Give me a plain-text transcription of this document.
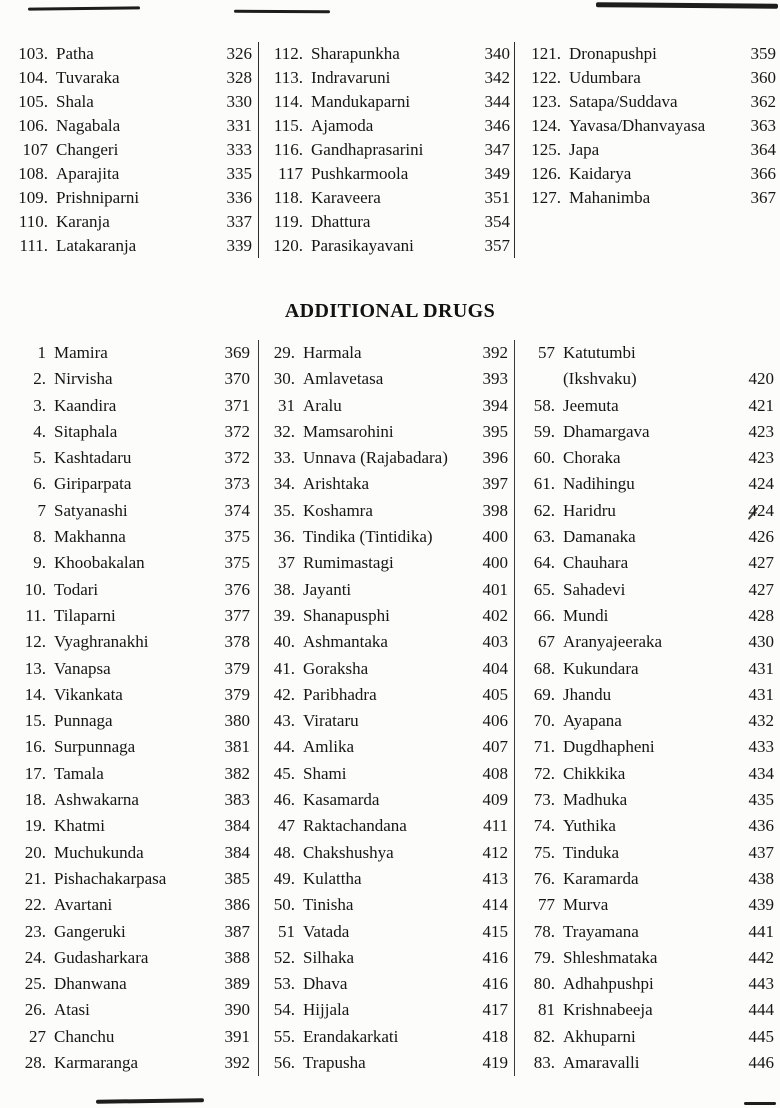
103. Patha	326
104. Tuvaraka	328
105. Shala	330
106. Nagabala	331
107 Changeri	333
108. Aparajita	335
109. Prishniparni	336
110. Karanja	337
111. Latakaranja	339
112. Sharapunkha	340
113. Indravaruni	342
114. Mandukaparni	344
115. Ajamoda	346
116. Gandhaprasarini	347
117 Pushkarmoola	349
118. Karaveera	351
119. Dhattura	354
120. Parasikayavani	357
121. Dronapushpi	359
122. Udumbara	360
123. Satapa/Suddava	362
124. Yavasa/Dhanvayasa	363
125. Japa	364
126. Kaidarya	366
127. Mahanimba	367
ADDITIONAL DRUGS
1 Mamira	369
2. Nirvisha	370
3. Kaandira	371
4. Sitaphala	372
5. Kashtadaru	372
6. Giriparpata	373
7 Satyanashi	374
8. Makhanna	375
9. Khoobakalan	375
10. Todari	376
11. Tilaparni	377
12. Vyaghranakhi	378
13. Vanapsa	379
14. Vikankata	379
15. Punnaga	380
16. Surpunnaga	381
17. Tamala	382
18. Ashwakarna	383
19. Khatmi	384
20. Muchukunda	384
21. Pishachakarpasa	385
22. Avartani	386
23. Gangeruki	387
24. Gudasharkara	388
25. Dhanwana	389
26. Atasi	390
27 Chanchu	391
28. Karmaranga	392
29. Harmala	392
30. Amlavetasa	393
31 Aralu	394
32. Mamsarohini	395
33. Unnava (Rajabadara)	396
34. Arishtaka	397
35. Koshamra	398
36. Tindika (Tintidika)	400
37 Rumimastagi	400
38. Jayanti	401
39. Shanapusphi	402
40. Ashmantaka	403
41. Goraksha	404
42. Paribhadra	405
43. Virataru	406
44. Amlika	407
45. Shami	408
46. Kasamarda	409
47 Raktachandana	411
48. Chakshushya	412
49. Kulattha	413
50. Tinisha	414
51 Vatada	415
52. Silhaka	416
53. Dhava	416
54. Hijjala	417
55. Erandakarkati	418
56. Trapusha	419
57 Katutumbi
(Ikshvaku)	420
58. Jeemuta	421
59. Dhamargava	423
60. Choraka	423
61. Nadihingu	424
62. Haridru	424
63. Damanaka	426
64. Chauhara	427
65. Sahadevi	427
66. Mundi	428
67 Aranyajeeraka	430
68. Kukundara	431
69. Jhandu	431
70. Ayapana	432
71. Dugdhapheni	433
72. Chikkika	434
73. Madhuka	435
74. Yuthika	436
75. Tinduka	437
76. Karamarda	438
77 Murva	439
78. Trayamana	441
79. Shleshmataka	442
80. Adhahpushpi	443
81 Krishnabeeja	444
82. Akhuparni	445
83. Amaravalli	446
